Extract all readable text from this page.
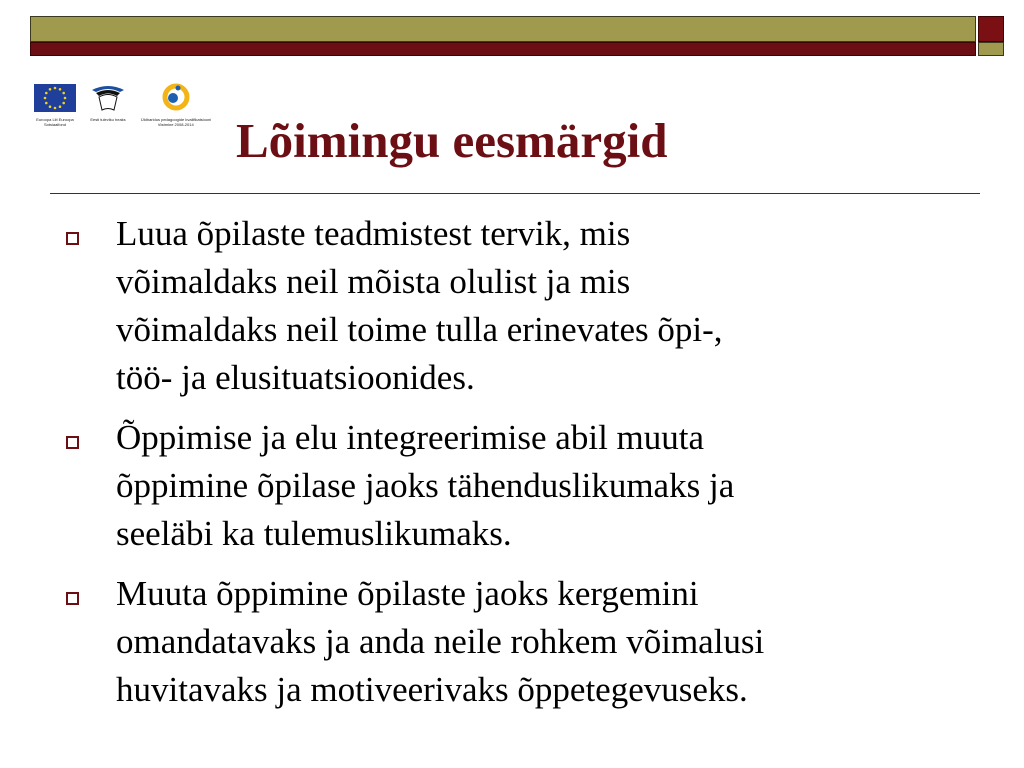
Euroopa Liit Euroopa Sotsiaalfond
Eesti tuleviku heaks	Üldharidus pedagoogide kvalifikatsiooni tõstmine 2008-2014 Lõimingu eesmärgid
Luua õpilaste teadmistest tervik, mis
võimaldaks neil mõista olulist ja mis
võimaldaks neil toime tulla erinevates õpi-,
töö- ja elusituatsioonides.
Õppimise ja elu integreerimise abil muuta
õppimine õpilase jaoks tähenduslikumaks ja
seeläbi ka tulemuslikumaks.
Muuta õppimine õpilaste jaoks kergemini
omandatavaks ja anda neile rohkem võimalusi
huvitavaks ja motiveerivaks õppetegevuseks.
